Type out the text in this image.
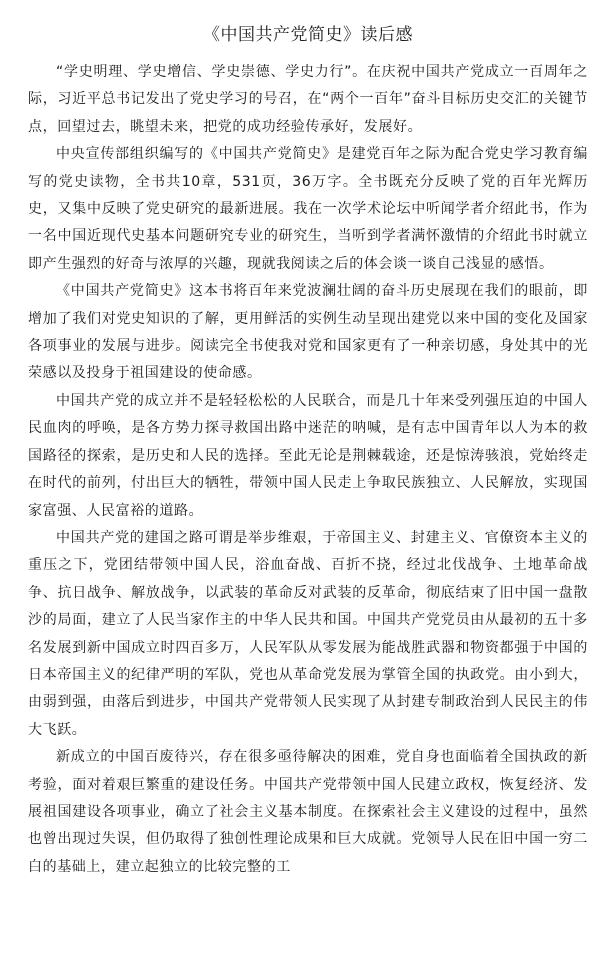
《中国共产党简史》读后感

“学史明理、学史增信、学史崇德、学史力行”。在庆祝中国共产党成立一百周年之际，习近平总书记发出了党史学习的号召，在“两个一百年”奋斗目标历史交汇的关键节点，回望过去，眺望未来，把党的成功经验传承好，发展好。

中央宣传部组织编写的《中国共产党简史》是建党百年之际为配合党史学习教育编写的党史读物，全书共10章，531页，36万字。全书既充分反映了党的百年光辉历史，又集中反映了党史研究的最新进展。我在一次学术论坛中听闻学者介绍此书，作为一名中国近现代史基本问题研究专业的研究生，当听到学者满怀激情的介绍此书时就立即产生强烈的好奇与浓厚的兴趣，现就我阅读之后的体会谈一谈自己浅显的感悟。

《中国共产党简史》这本书将百年来党波澜壮阔的奋斗历史展现在我们的眼前，即增加了我们对党史知识的了解，更用鲜活的实例生动呈现出建党以来中国的变化及国家各项事业的发展与进步。阅读完全书使我对党和国家更有了一种亲切感，身处其中的光荣感以及投身于祖国建设的使命感。

中国共产党的成立并不是轻轻松松的人民联合，而是几十年来受列强压迫的中国人民血肉的呼唤，是各方势力探寻救国出路中迷茫的呐喊，是有志中国青年以人为本的救国路径的探索，是历史和人民的选择。至此无论是荆棘载途，还是惊涛骇浪，党始终走在时代的前列，付出巨大的牺牲，带领中国人民走上争取民族独立、人民解放，实现国家富强、人民富裕的道路。

中国共产党的建国之路可谓是举步维艰，于帝国主义、封建主义、官僚资本主义的重压之下，党团结带领中国人民，浴血奋战、百折不挠，经过北伐战争、土地革命战争、抗日战争、解放战争，以武装的革命反对武装的反革命，彻底结束了旧中国一盘散沙的局面，建立了人民当家作主的中华人民共和国。中国共产党党员由从最初的五十多名发展到新中国成立时四百多万，人民军队从零发展为能战胜武器和物资都强于中国的日本帝国主义的纪律严明的军队，党也从革命党发展为掌管全国的执政党。由小到大，由弱到强，由落后到进步，中国共产党带领人民实现了从封建专制政治到人民民主的伟大飞跃。

新成立的中国百废待兴，存在很多亟待解决的困难，党自身也面临着全国执政的新考验，面对着艰巨繁重的建设任务。中国共产党带领中国人民建立政权，恢复经济、发展祖国建设各项事业，确立了社会主义基本制度。在探索社会主义建设的过程中，虽然也曾出现过失误，但仍取得了独创性理论成果和巨大成就。党领导人民在旧中国一穷二白的基础上，建立起独立的比较完整的工
